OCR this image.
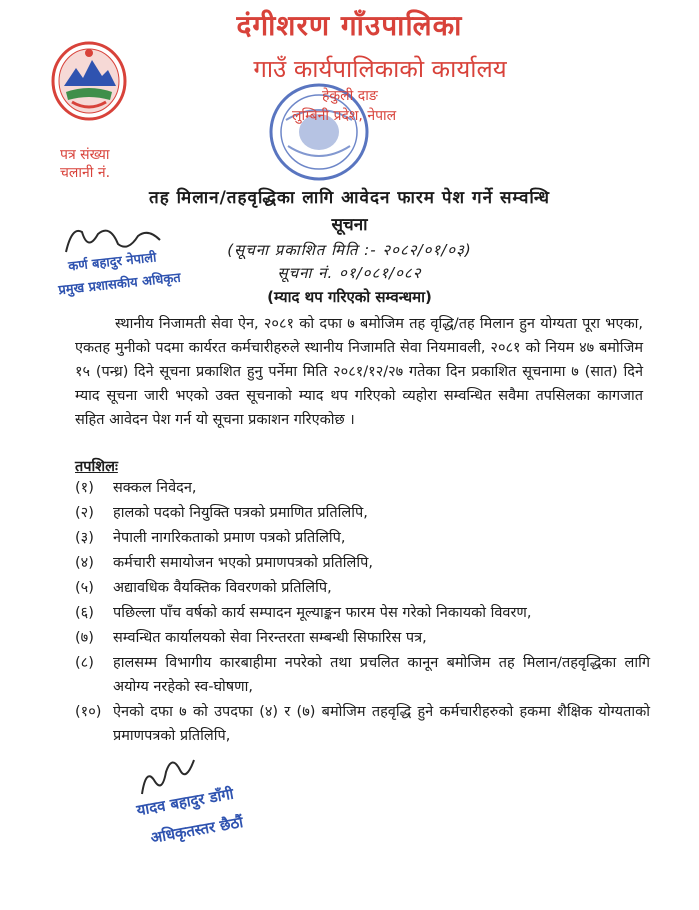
दंगीशरण गाँउपालिका
गाउँ कार्यपालिकाको कार्यालय
हेकुली दाङ
लुम्बिनी प्रदेश, नेपाल
पत्र संख्या
चलानी नं.
तह मिलान/तहवृद्धिका लागि आवेदन फारम पेश गर्ने सम्वन्धि
सूचना
(सूचना प्रकाशित मिति :- २०८२/०१/०३)
सूचना नं. ०१/०८१/०८२
(म्याद थप गरिएको सम्वन्धमा)
कर्ण बहादुर नेपाली
प्रमुख प्रशासकीय अधिकृत
स्थानीय निजामती सेवा ऐन, २०८१ को दफा ७ बमोजिम तह वृद्धि/तह मिलान हुन योग्यता पूरा भएका, एकतह मुनीको पदमा कार्यरत कर्मचारीहरुले स्थानीय निजामति सेवा नियमावली, २०८१ को नियम ४७ बमोजिम १५ (पन्ध्र) दिने सूचना प्रकाशित हुनु पर्नेमा मिति २०८१/१२/२७ गतेका दिन प्रकाशित सूचनामा ७ (सात) दिने म्याद सूचना जारी भएको उक्त सूचनाको म्याद थप गरिएको व्यहोरा सम्वन्धित सवैमा तपसिलका कागजात सहित आवेदन पेश गर्न यो सूचना प्रकाशन गरिएकोछ ।
तपशिलः
(१)	सक्कल निवेदन,
(२)	हालको पदको नियुक्ति पत्रको प्रमाणित प्रतिलिपि,
(३)	नेपाली नागरिकताको प्रमाण पत्रको प्रतिलिपि,
(४)	कर्मचारी समायोजन भएको प्रमाणपत्रको प्रतिलिपि,
(५)	अद्यावधिक वैयक्तिक विवरणको प्रतिलिपि,
(६)	पछिल्ला पाँच वर्षको कार्य सम्पादन मूल्याङ्कन फारम पेस गरेको निकायको विवरण,
(७)	सम्वन्धित कार्यालयको सेवा निरन्तरता सम्बन्धी सिफारिस पत्र,
(८)	हालसम्म विभागीय कारबाहीमा नपरेको तथा प्रचलित कानून बमोजिम तह मिलान/तहवृद्धिका लागि अयोग्य नरहेको स्व-घोषणा,
(१०) ऐनको दफा ७ को उपदफा (४) र (७) बमोजिम तहवृद्धि हुने कर्मचारीहरुको हकमा शैक्षिक योग्यताको प्रमाणपत्रको प्रतिलिपि,
यादव बहादुर डाँगी
अधिकृतस्तर छैठौं
